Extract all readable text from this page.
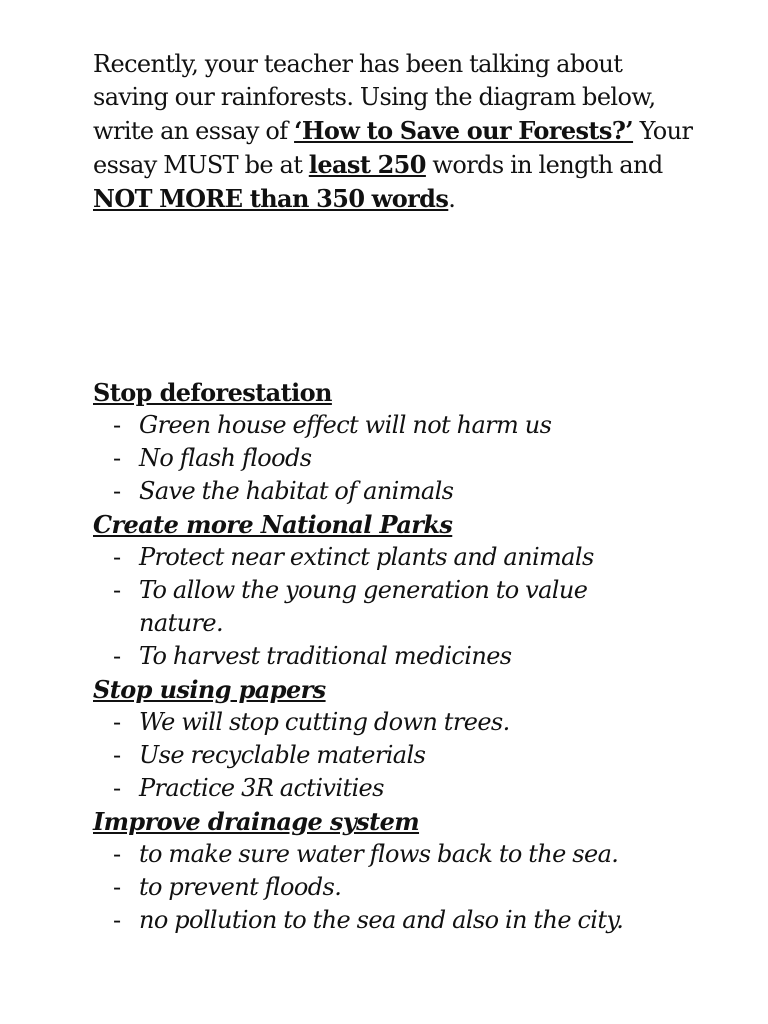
Recently, your teacher has been talking about saving our rainforests. Using the diagram below, write an essay of ‘How to Save our Forests?’ Your essay MUST be at least 250 words in length and NOT MORE than 350 words.

Stop deforestation

- Green house effect will not harm us
- No flash floods
- Save the habitat of animals

Create more National Parks

- Protect near extinct plants and animals
- To allow the young generation to value nature.
- To harvest traditional medicines

Stop using papers

- We will stop cutting down trees.
- Use recyclable materials
- Practice 3R activities

Improve drainage system

- to make sure water flows back to the sea.
- to prevent floods.
- no pollution to the sea and also in the city.
